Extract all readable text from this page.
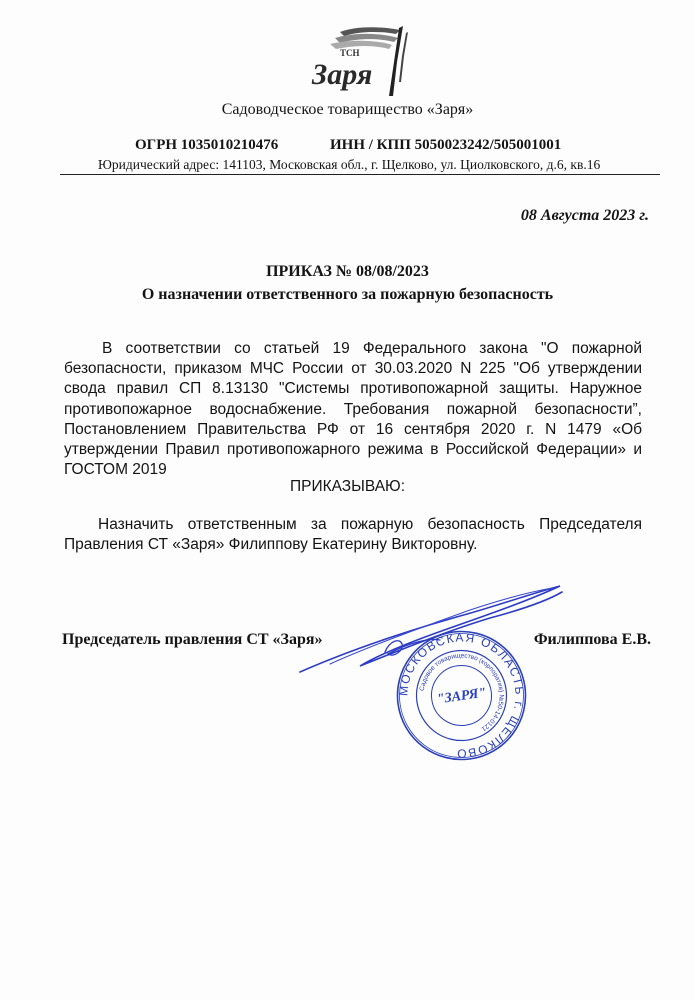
ТСН
Заря
Садоводческое товарищество «Заря»
ОГРН 1035010210476	ИНН / КПП 5050023242/505001001
Юридический адрес: 141103, Московская обл., г. Щелково, ул. Циолковского, д.6, кв.16
08 Августа 2023 г.
ПРИКАЗ № 08/08/2023
О назначении ответственного за пожарную безопасность
В соответствии со статьей 19 Федерального закона "О пожарной безопасности, приказом МЧС России от 30.03.2020 N 225 "Об утверждении свода правил СП 8.13130 "Системы противопожарной защиты. Наружное противопожарное водоснабжение. Требования пожарной безопасности”, Постановлением Правительства РФ от 16 сентября 2020 г. N 1479 «Об утверждении Правил противопожарного режима в Российской Федерации» и ГОСТОМ 2019
ПРИКАЗЫВАЮ:
Назначить ответственным за пожарную безопасность Председателя Правления СТ «Заря» Филиппову Екатерину Викторовну.
Председатель правления СТ «Заря»	Филиппова Е.В.
МОСКОВСКАЯ ОБЛАСТЬ г. ЩЕЛКОВО
Садовое товарищество (корпоратив) №50-14-0121
"ЗАРЯ"
